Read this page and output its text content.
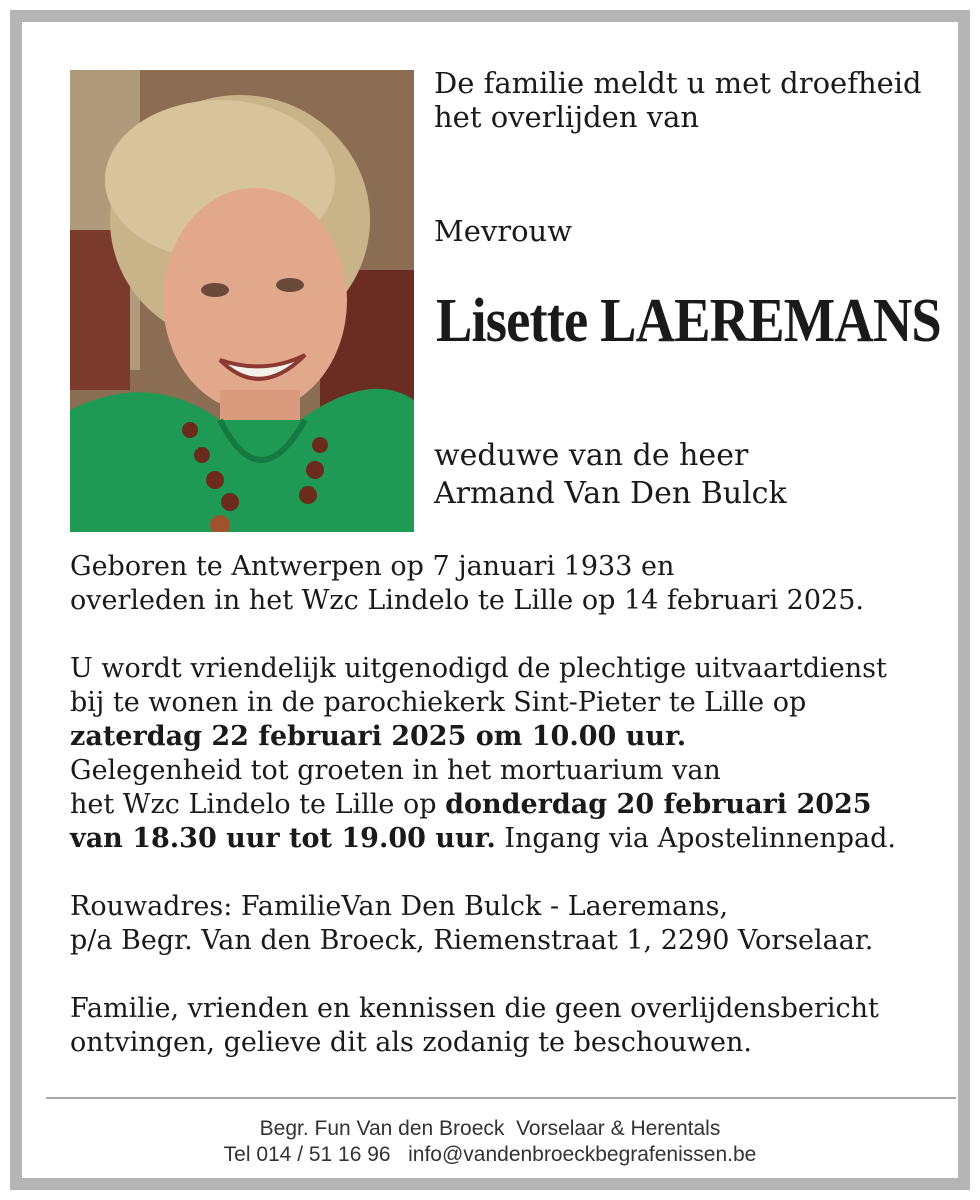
De familie meldt u met droefheid
het overlijden van
Mevrouw
Lisette LAEREMANS
weduwe van de heer
Armand Van Den Bulck

Geboren te Antwerpen op 7 januari 1933 en
overleden in het Wzc Lindelo te Lille op 14 februari 2025.

U wordt vriendelijk uitgenodigd de plechtige uitvaartdienst
bij te wonen in de parochiekerk Sint-Pieter te Lille op
zaterdag 22 februari 2025 om 10.00 uur.
Gelegenheid tot groeten in het mortuarium van
het Wzc Lindelo te Lille op donderdag 20 februari 2025
van 18.30 uur tot 19.00 uur. Ingang via Apostelinnenpad.

Rouwadres: FamilieVan Den Bulck - Laeremans,
p/a Begr. Van den Broeck, Riemenstraat 1, 2290 Vorselaar.

Familie, vrienden en kennissen die geen overlijdensbericht
ontvingen, gelieve dit als zodanig te beschouwen.

Begr. Fun Van den Broeck  Vorselaar & Herentals
Tel 014 / 51 16 96   info@vandenbroeckbegrafenissen.be
